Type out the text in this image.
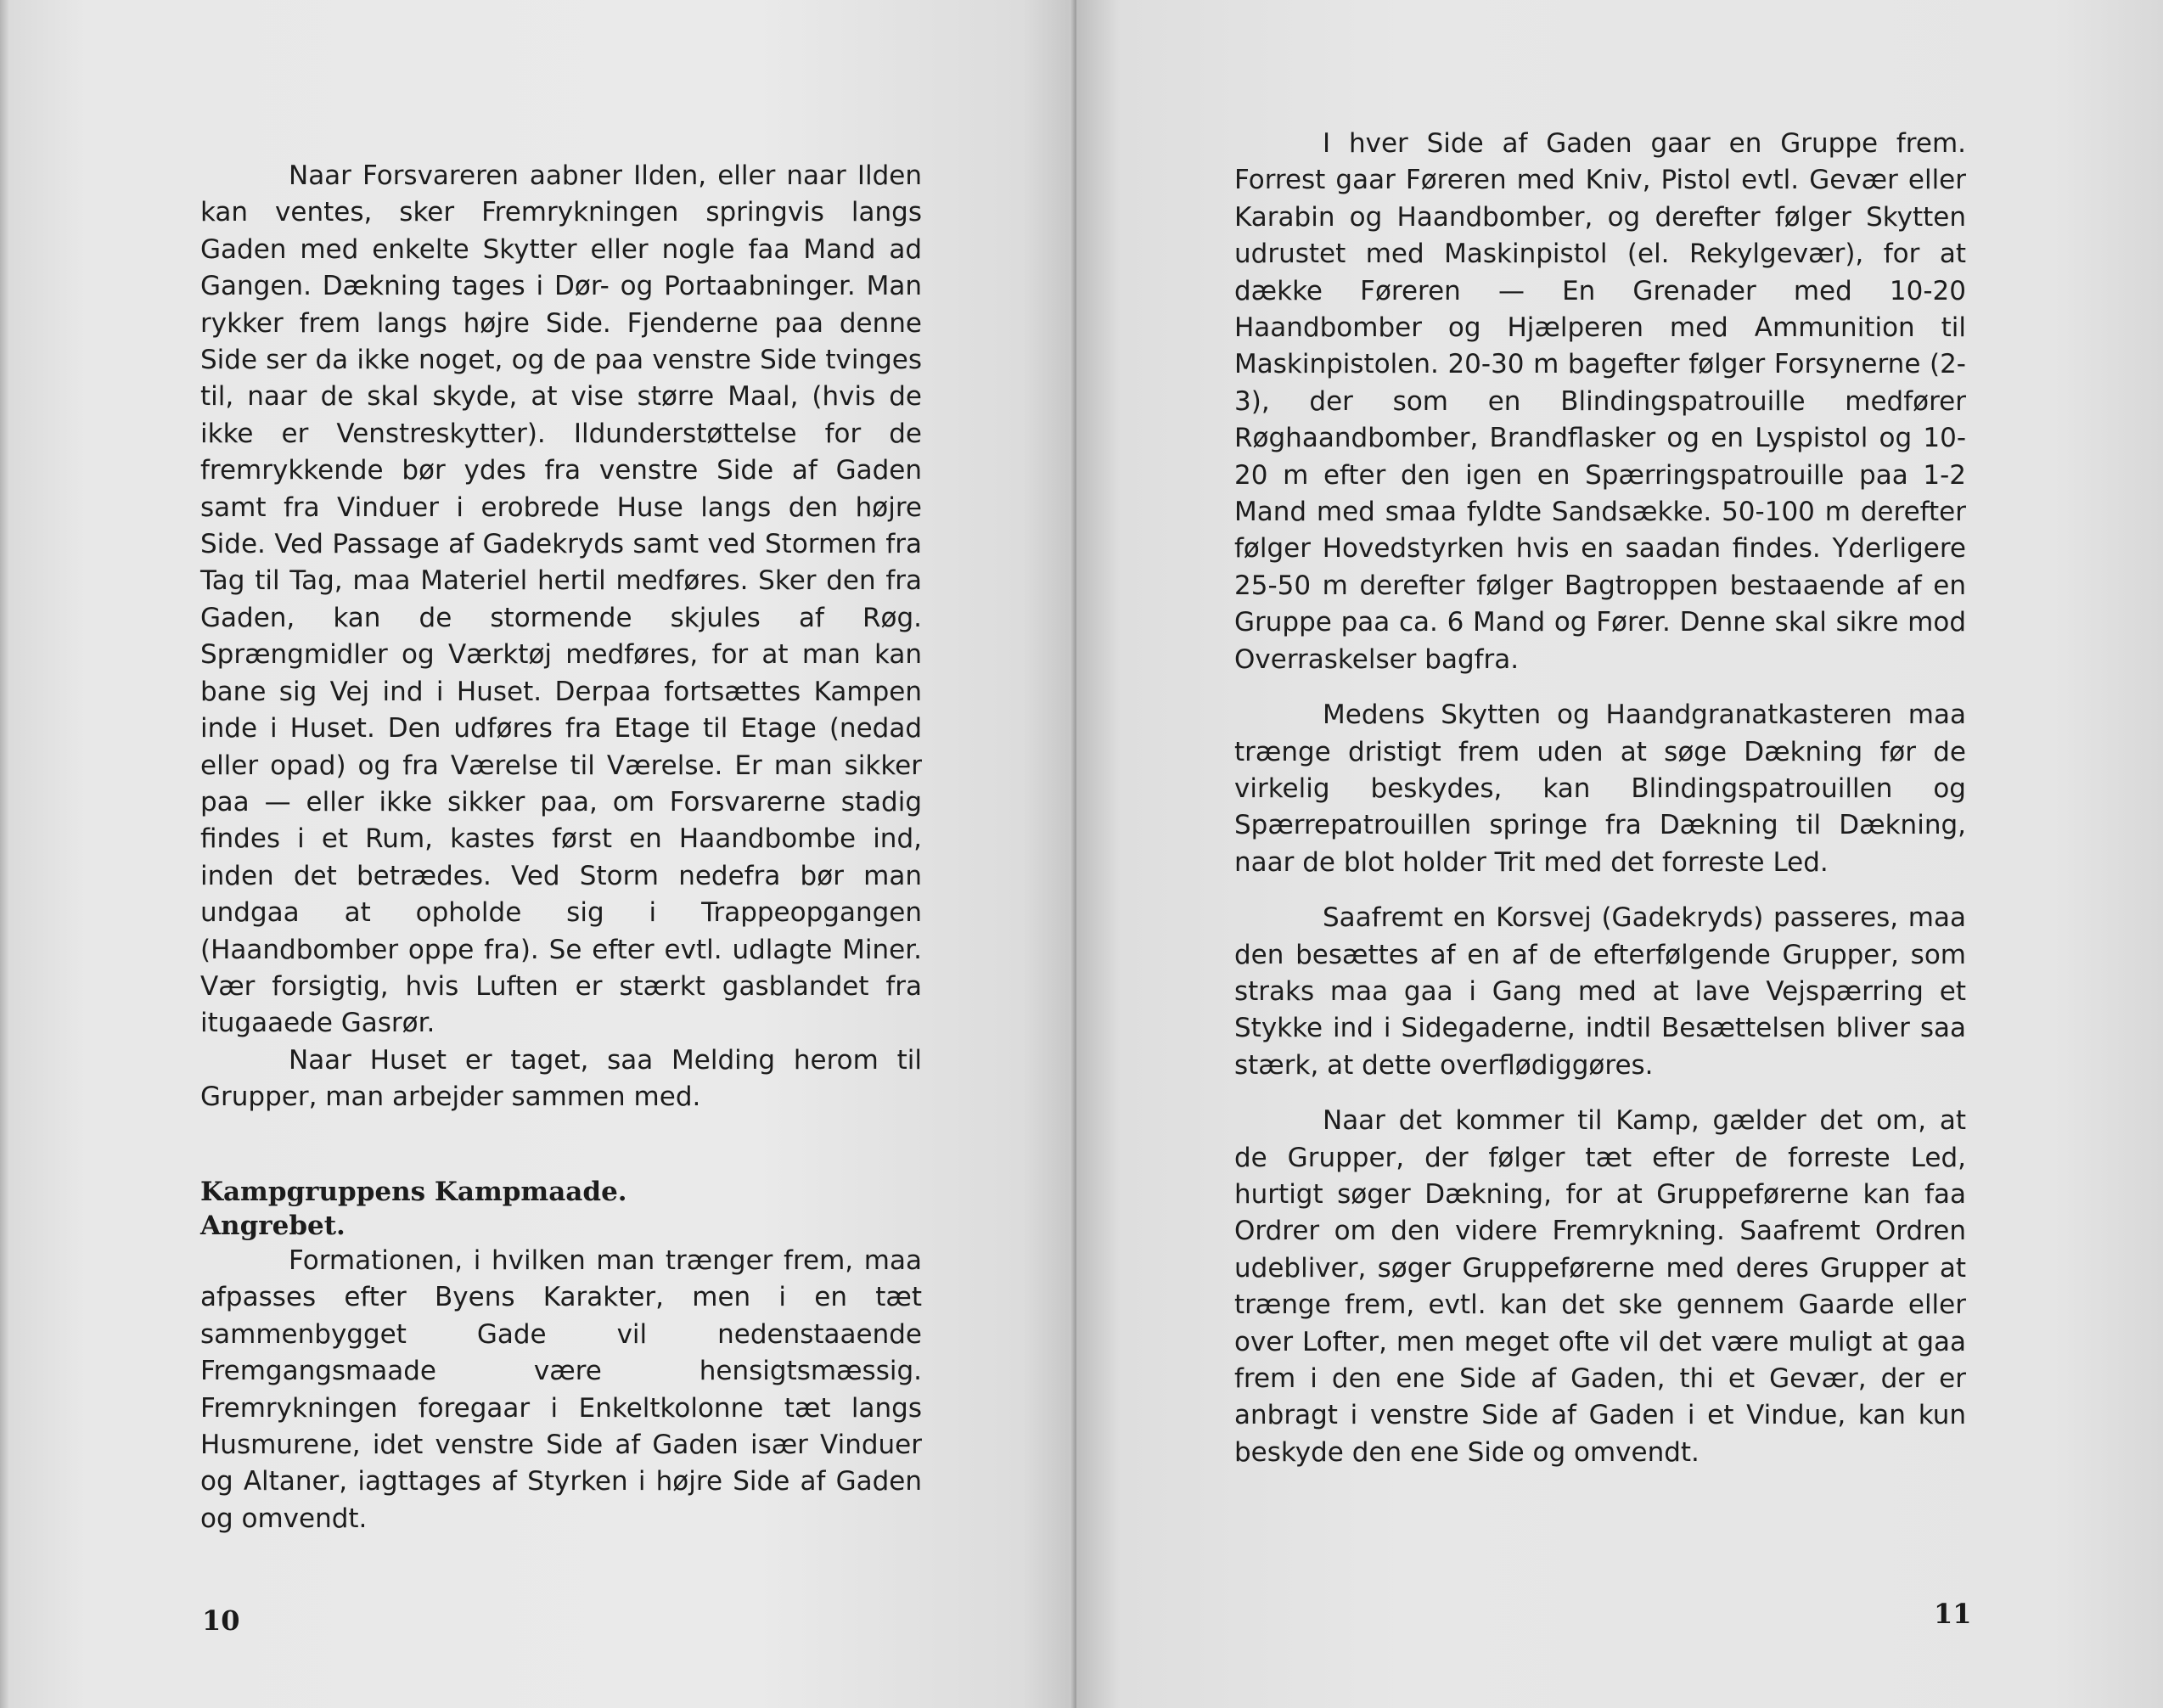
Naar Forsvareren aabner Ilden, eller naar Ilden kan ventes, sker Fremrykningen springvis langs Gaden med enkelte Skytter eller nogle faa Mand ad Gangen. Dækning tages i Dør- og Portaabninger. Man rykker frem langs højre Side. Fjenderne paa denne Side ser da ikke noget, og de paa venstre Side tvinges til, naar de skal skyde, at vise større Maal, (hvis de ikke er Venstreskytter). Ildunderstøttelse for de fremrykkende bør ydes fra venstre Side af Gaden samt fra Vinduer i erobrede Huse langs den højre Side. Ved Passage af Gadekryds samt ved Stormen fra Tag til Tag, maa Materiel hertil medføres. Sker den fra Gaden, kan de stormende skjules af Røg. Sprængmidler og Værktøj medføres, for at man kan bane sig Vej ind i Huset. Derpaa fortsættes Kampen inde i Huset. Den udføres fra Etage til Etage (nedad eller opad) og fra Værelse til Værelse. Er man sikker paa — eller ikke sikker paa, om Forsvarerne stadig findes i et Rum, kastes først en Haandbombe ind, inden det betrædes. Ved Storm nedefra bør man undgaa at opholde sig i Trappeopgangen (Haandbomber oppe fra). Se efter evtl. udlagte Miner. Vær forsigtig, hvis Luften er stærkt gasblandet fra itugaaede Gasrør.

Naar Huset er taget, saa Melding herom til Grupper, man arbejder sammen med.

Kampgruppens Kampmaade.

Angrebet.

Formationen, i hvilken man trænger frem, maa afpasses efter Byens Karakter, men i en tæt sammenbygget Gade vil nedenstaaende Fremgangsmaade være hensigtsmæssig. Fremrykningen foregaar i Enkeltkolonne tæt langs Husmurene, idet venstre Side af Gaden især Vinduer og Altaner, iagttages af Styrken i højre Side af Gaden og omvendt.

10

I hver Side af Gaden gaar en Gruppe frem. Forrest gaar Føreren med Kniv, Pistol evtl. Gevær eller Karabin og Haandbomber, og derefter følger Skytten udrustet med Maskinpistol (el. Rekylgevær), for at dække Føreren — En Grenader med 10-20 Haandbomber og Hjælperen med Ammunition til Maskinpistolen. 20-30 m bagefter følger Forsynerne (2-3), der som en Blindingspatrouille medfører Røghaandbomber, Brandflasker og en Lyspistol og 10-20 m efter den igen en Spærringspatrouille paa 1-2 Mand med smaa fyldte Sandsække. 50-100 m derefter følger Hovedstyrken hvis en saadan findes. Yderligere 25-50 m derefter følger Bagtroppen bestaaende af en Gruppe paa ca. 6 Mand og Fører. Denne skal sikre mod Overraskelser bagfra.

Medens Skytten og Haandgranatkasteren maa trænge dristigt frem uden at søge Dækning før de virkelig beskydes, kan Blindingspatrouillen og Spærrepatrouillen springe fra Dækning til Dækning, naar de blot holder Trit med det forreste Led.

Saafremt en Korsvej (Gadekryds) passeres, maa den besættes af en af de efterfølgende Grupper, som straks maa gaa i Gang med at lave Vejspærring et Stykke ind i Sidegaderne, indtil Besættelsen bliver saa stærk, at dette overflødiggøres.

Naar det kommer til Kamp, gælder det om, at de Grupper, der følger tæt efter de forreste Led, hurtigt søger Dækning, for at Gruppeførerne kan faa Ordrer om den videre Fremrykning. Saafremt Ordren udebliver, søger Gruppeførerne med deres Grupper at trænge frem, evtl. kan det ske gennem Gaarde eller over Lofter, men meget ofte vil det være muligt at gaa frem i den ene Side af Gaden, thi et Gevær, der er anbragt i venstre Side af Gaden i et Vindue, kan kun beskyde den ene Side og omvendt.

11
